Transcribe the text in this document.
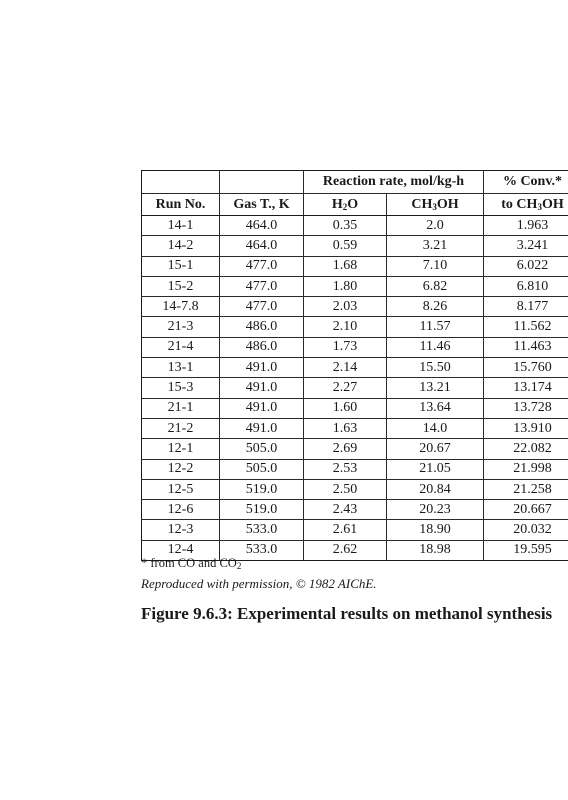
		Reaction rate, mol/kg-h		% Conv.*
Run No.	Gas T., K	$H_2O$	$CH_3OH$	to $CH_3OH$
14-1	464.0	0.35	2.0	1.963
14-2	464.0	0.59	3.21	3.241
15-1	477.0	1.68	7.10	6.022
15-2	477.0	1.80	6.82	6.810
14-7.8	477.0	2.03	8.26	8.177
21-3	486.0	2.10	11.57	11.562
21-4	486.0	1.73	11.46	11.463
13-1	491.0	2.14	15.50	15.760
15-3	491.0	2.27	13.21	13.174
21-1	491.0	1.60	13.64	13.728
21-2	491.0	1.63	14.0	13.910
12-1	505.0	2.69	20.67	22.082
12-2	505.0	2.53	21.05	21.998
12-5	519.0	2.50	20.84	21.258
12-6	519.0	2.43	20.23	20.667
12-3	533.0	2.61	18.90	20.032
12-4	533.0	2.62	18.98	19.595
* from CO and $CO_2$
Reproduced with permission, © 1982 AIChE.
Figure 9.6.3: Experimental results on methanol synthesis
